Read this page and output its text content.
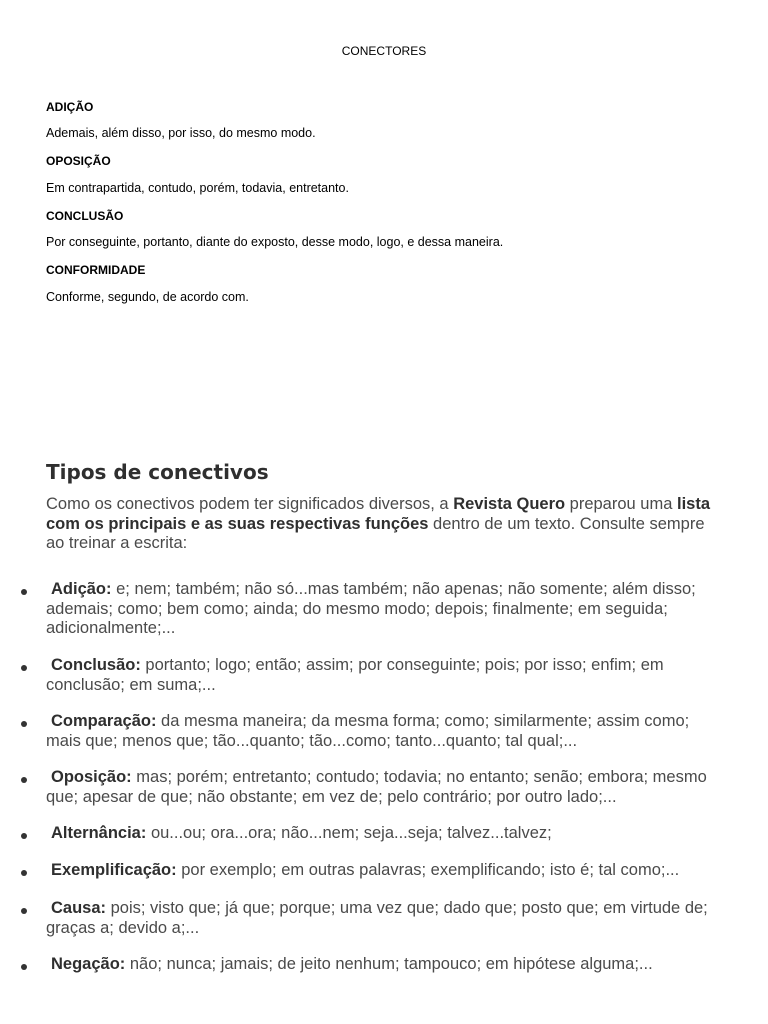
CONECTORES
ADIÇÃO
Ademais, além disso, por isso, do mesmo modo.
OPOSIÇÃO
Em contrapartida, contudo, porém, todavia, entretanto.
CONCLUSÃO
Por conseguinte, portanto, diante do exposto, desse modo, logo, e dessa maneira.
CONFORMIDADE
Conforme, segundo, de acordo com.
Tipos de conectivos
Como os conectivos podem ter significados diversos, a Revista Quero preparou uma lista com os principais e as suas respectivas funções dentro de um texto. Consulte sempre ao treinar a escrita:
Adição: e; nem; também; não só...mas também; não apenas; não somente; além disso; ademais; como; bem como; ainda; do mesmo modo; depois; finalmente; em seguida; adicionalmente;...
Conclusão: portanto; logo; então; assim; por conseguinte; pois; por isso; enfim; em conclusão; em suma;...
Comparação: da mesma maneira; da mesma forma; como; similarmente; assim como; mais que; menos que; tão...quanto; tão...como; tanto...quanto; tal qual;...
Oposição: mas; porém; entretanto; contudo; todavia; no entanto; senão; embora; mesmo que; apesar de que; não obstante; em vez de; pelo contrário; por outro lado;...
Alternância: ou...ou; ora...ora; não...nem; seja...seja; talvez...talvez;
Exemplificação: por exemplo; em outras palavras; exemplificando; isto é; tal como;...
Causa: pois; visto que; já que; porque; uma vez que; dado que; posto que; em virtude de; graças a; devido a;...
Negação: não; nunca; jamais; de jeito nenhum; tampouco; em hipótese alguma;...
